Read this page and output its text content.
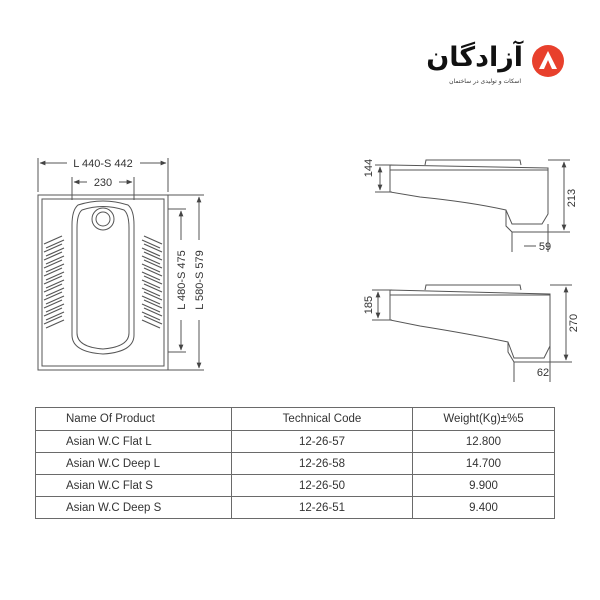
آزادگان
اسکات و تولیدی در ساختمان
L 440-S 442
230
L 480-S 475 L 580-S 579
144
213
59
185
270
62
Name Of Product	Technical Code	Weight(Kg)±%5
Asian W.C Flat L	12-26-57	12.800
Asian W.C Deep L	12-26-58	14.700
Asian W.C Flat S	12-26-50	9.900
Asian W.C Deep S	12-26-51	9.400
